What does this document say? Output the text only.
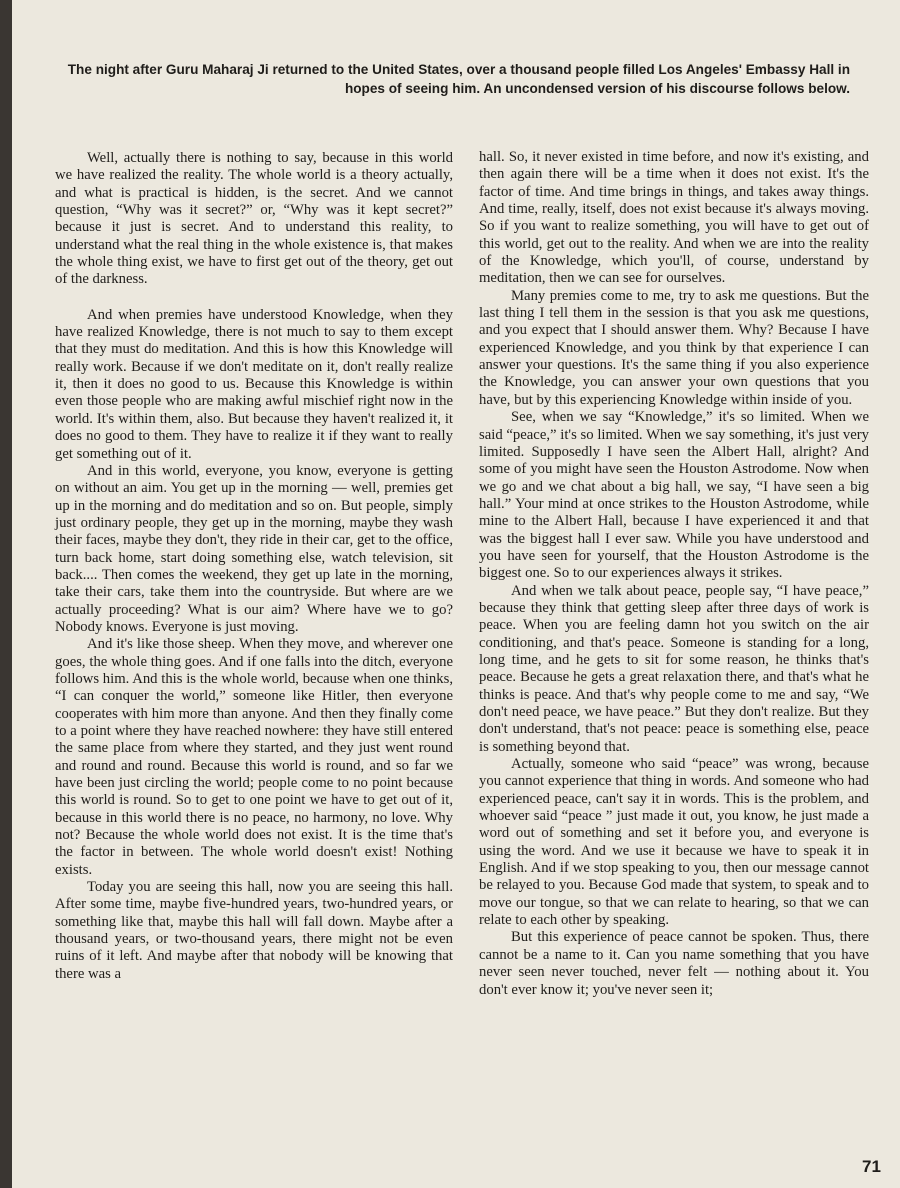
The night after Guru Maharaj Ji returned to the United States, over a thousand people filled Los Angeles' Embassy Hall in hopes of seeing him. An uncondensed version of his discourse follows below.

Well, actually there is nothing to say, because in this world we have realized the reality. The whole world is a theory actually, and what is practical is hidden, is the secret. And we cannot question, “Why was it secret?” or, “Why was it kept secret?” because it just is secret. And to understand this reality, to understand what the real thing in the whole existence is, that makes the whole thing exist, we have to first get out of the theory, get out of the darkness.

And when premies have understood Knowledge, when they have realized Knowledge, there is not much to say to them except that they must do meditation. And this is how this Knowledge will really work. Because if we don't meditate on it, don't really realize it, then it does no good to us. Because this Knowledge is within even those people who are making awful mischief right now in the world. It's within them, also. But because they haven't realized it, it does no good to them. They have to realize it if they want to really get something out of it.

And in this world, everyone, you know, everyone is getting on without an aim. You get up in the morning — well, premies get up in the morning and do meditation and so on. But people, simply just ordinary people, they get up in the morning, maybe they wash their faces, maybe they don't, they ride in their car, get to the office, turn back home, start doing something else, watch television, sit back.... Then comes the weekend, they get up late in the morning, take their cars, take them into the countryside. But where are we actually proceeding? What is our aim? Where have we to go? Nobody knows. Everyone is just moving.

And it's like those sheep. When they move, and wherever one goes, the whole thing goes. And if one falls into the ditch, everyone follows him. And this is the whole world, because when one thinks, “I can conquer the world,” someone like Hitler, then everyone cooperates with him more than anyone. And then they finally come to a point where they have reached nowhere: they have still entered the same place from where they started, and they just went round and round and round. Because this world is round, and so far we have been just circling the world; people come to no point because this world is round. So to get to one point we have to get out of it, because in this world there is no peace, no harmony, no love. Why not? Because the whole world does not exist. It is the time that's the factor in between. The whole world doesn't exist! Nothing exists.

Today you are seeing this hall, now you are seeing this hall. After some time, maybe five-hundred years, two-hundred years, or something like that, maybe this hall will fall down. Maybe after a thousand years, or two-thousand years, there might not be even ruins of it left. And maybe after that nobody will be knowing that there was a

hall. So, it never existed in time before, and now it's existing, and then again there will be a time when it does not exist. It's the factor of time. And time brings in things, and takes away things. And time, really, itself, does not exist because it's always moving. So if you want to realize something, you will have to get out of this world, get out to the reality. And when we are into the reality of the Knowledge, which you'll, of course, understand by meditation, then we can see for ourselves.

Many premies come to me, try to ask me questions. But the last thing I tell them in the session is that you ask me questions, and you expect that I should answer them. Why? Because I have experienced Knowledge, and you think by that experience I can answer your questions. It's the same thing if you also experience the Knowledge, you can answer your own questions that you have, but by this experiencing Knowledge within inside of you.

See, when we say “Knowledge,” it's so limited. When we said “peace,” it's so limited. When we say something, it's just very limited. Supposedly I have seen the Albert Hall, alright? And some of you might have seen the Houston Astrodome. Now when we go and we chat about a big hall, we say, “I have seen a big hall.” Your mind at once strikes to the Houston Astrodome, while mine to the Albert Hall, because I have experienced it and that was the biggest hall I ever saw. While you have understood and you have seen for yourself, that the Houston Astrodome is the biggest one. So to our experiences always it strikes.

And when we talk about peace, people say, “I have peace,” because they think that getting sleep after three days of work is peace. When you are feeling damn hot you switch on the air conditioning, and that's peace. Someone is standing for a long, long time, and he gets to sit for some reason, he thinks that's peace. Because he gets a great relaxation there, and that's what he thinks is peace. And that's why people come to me and say, “We don't need peace, we have peace.” But they don't realize. But they don't understand, that's not peace: peace is something else, peace is something beyond that.

Actually, someone who said “peace” was wrong, because you cannot experience that thing in words. And someone who had experienced peace, can't say it in words. This is the problem, and whoever said “peace ” just made it out, you know, he just made a word out of something and set it before you, and everyone is using the word. And we use it because we have to speak it in English. And if we stop speaking to you, then our message cannot be relayed to you. Because God made that system, to speak and to move our tongue, so that we can relate to hearing, so that we can relate to each other by speaking.

But this experience of peace cannot be spoken. Thus, there cannot be a name to it. Can you name something that you have never seen never touched, never felt — nothing about it. You don't ever know it; you've never seen it;

71
